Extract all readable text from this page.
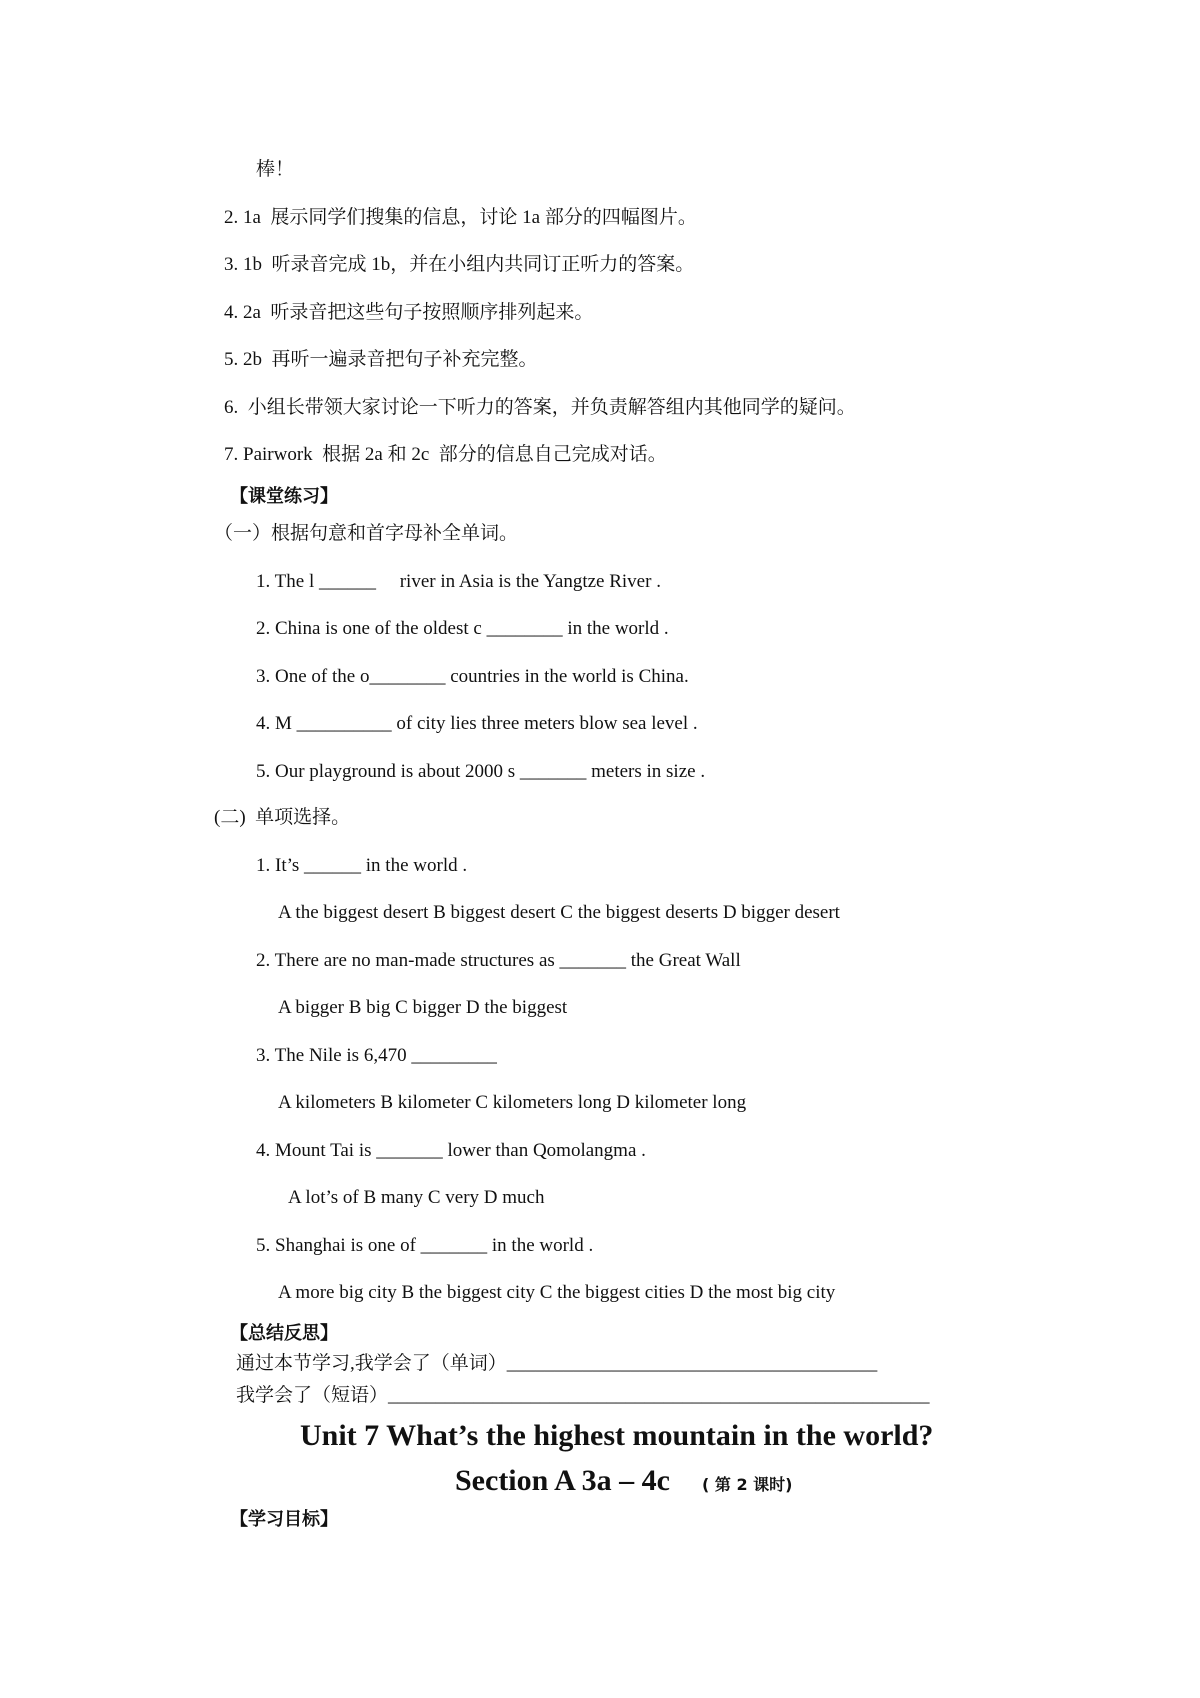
棒！
2. 1a  展示同学们搜集的信息，讨论 1a 部分的四幅图片。
3. 1b  听录音完成 1b，并在小组内共同订正听力的答案。
4. 2a  听录音把这些句子按照顺序排列起来。
5. 2b  再听一遍录音把句子补充完整。
6.  小组长带领大家讨论一下听力的答案，并负责解答组内其他同学的疑问。
7. Pairwork  根据 2a 和 2c  部分的信息自己完成对话。
【课堂练习】
（一）根据句意和首字母补全单词。
1. The l ______     river in Asia is the Yangtze River .
2. China is one of the oldest c ________ in the world .
3. One of the o________ countries in the world is China.
4. M __________ of city lies three meters blow sea level .
5. Our playground is about 2000 s _______ meters in size .
(二)  单项选择。
1. It’s ______ in the world .
A the biggest desert B biggest desert C the biggest deserts D bigger desert
2. There are no man-made structures as _______ the Great Wall
A bigger B big C bigger D the biggest
3. The Nile is 6,470 _________
A kilometers B kilometer C kilometers long D kilometer long
4. Mount Tai is _______ lower than Qomolangma .
A lot’s of B many C very D much
5. Shanghai is one of _______ in the world .
A more big city B the biggest city C the biggest cities D the most big city
【总结反思】
通过本节学习,我学会了（单词）_______________________________________
我学会了（短语）_________________________________________________________
Unit 7 What’s the highest mountain in the world?
Section A 3a – 4c ( 第 2 课时)
【学习目标】
